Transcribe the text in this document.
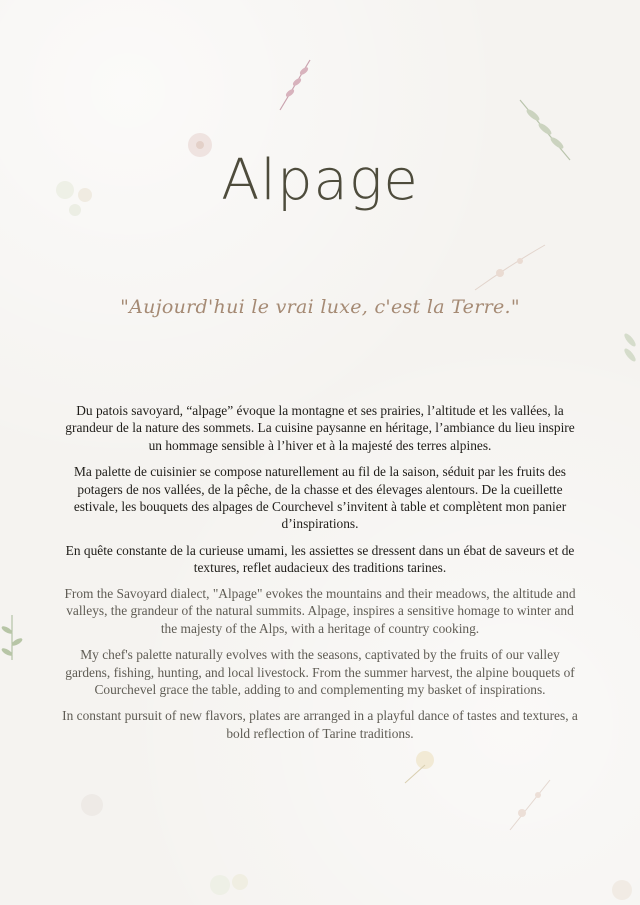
Alpage

"Aujourd'hui le vrai luxe, c'est la Terre."

Du patois savoyard, “alpage” évoque la montagne et ses prairies, l’altitude et les vallées, la grandeur de la nature des sommets. La cuisine paysanne en héritage, l’ambiance du lieu inspire un hommage sensible à l’hiver et à la majesté des terres alpines.

Ma palette de cuisinier se compose naturellement au fil de la saison, séduit par les fruits des potagers de nos vallées, de la pêche, de la chasse et des élevages alentours. De la cueillette estivale, les bouquets des alpages de Courchevel s’invitent à table et complètent mon panier d’inspirations.

En quête constante de la curieuse umami, les assiettes se dressent dans un ébat de saveurs et de textures, reflet audacieux des traditions tarines.

From the Savoyard dialect, "Alpage" evokes the mountains and their meadows, the altitude and valleys, the grandeur of the natural summits. Alpage, inspires a sensitive homage to winter and the majesty of the Alps, with a heritage of country cooking.

My chef's palette naturally evolves with the seasons, captivated by the fruits of our valley gardens, fishing, hunting, and local livestock. From the summer harvest, the alpine bouquets of Courchevel grace the table, adding to and complementing my basket of inspirations.

In constant pursuit of new flavors, plates are arranged in a playful dance of tastes and textures, a bold reflection of Tarine traditions.
